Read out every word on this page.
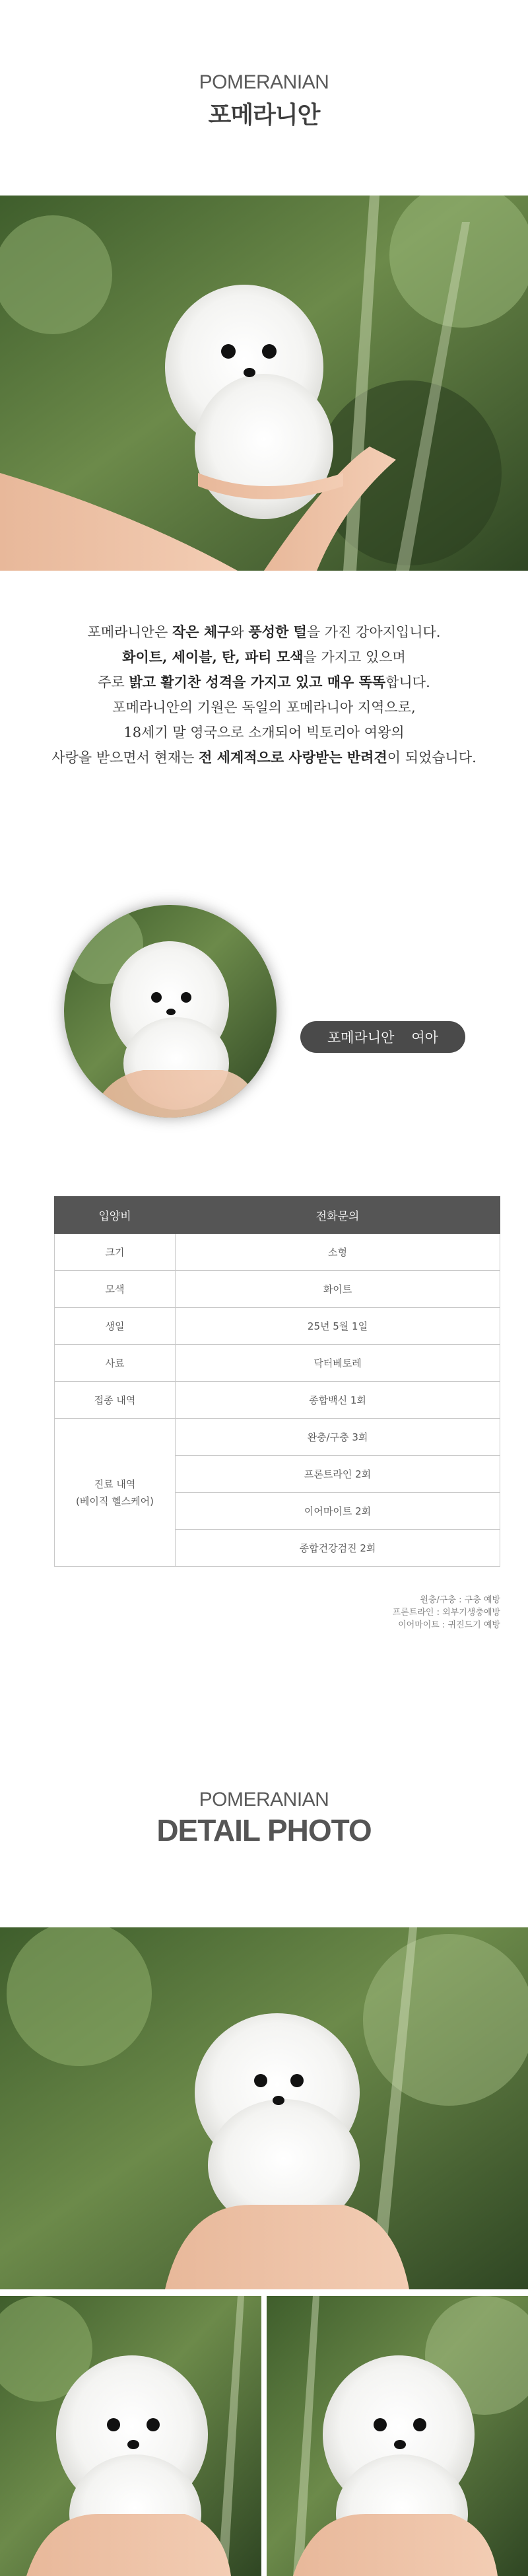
POMERANIAN
포메라니안

포메라니안은 작은 체구와 풍성한 털을 가진 강아지입니다.

화이트, 세이블, 탄, 파티 모색을 가지고 있으며

주로 밝고 활기찬 성격을 가지고 있고 매우 똑똑합니다.

포메라니안의 기원은 독일의 포메라니아 지역으로,

18세기 말 영국으로 소개되어 빅토리아 여왕의

사랑을 받으면서 현재는 전 세계적으로 사랑받는 반려견이 되었습니다.

포메라니안 여아
입양비	전화문의
크기	소형
모색	화이트
생일	25년 5월 1일
사료	닥터베토레
접종 내역	종합백신 1회

진료 내역
(베이직 헬스케어)	완충/구충 3회
	프론트라인 2회
	이어마이트 2회
	종합건강검진 2회
원충/구충 : 구충 예방
프론트라인 : 외부기생충예방
이어마이트 : 귀진드기 예방
POMERANIAN
DETAIL PHOTO
